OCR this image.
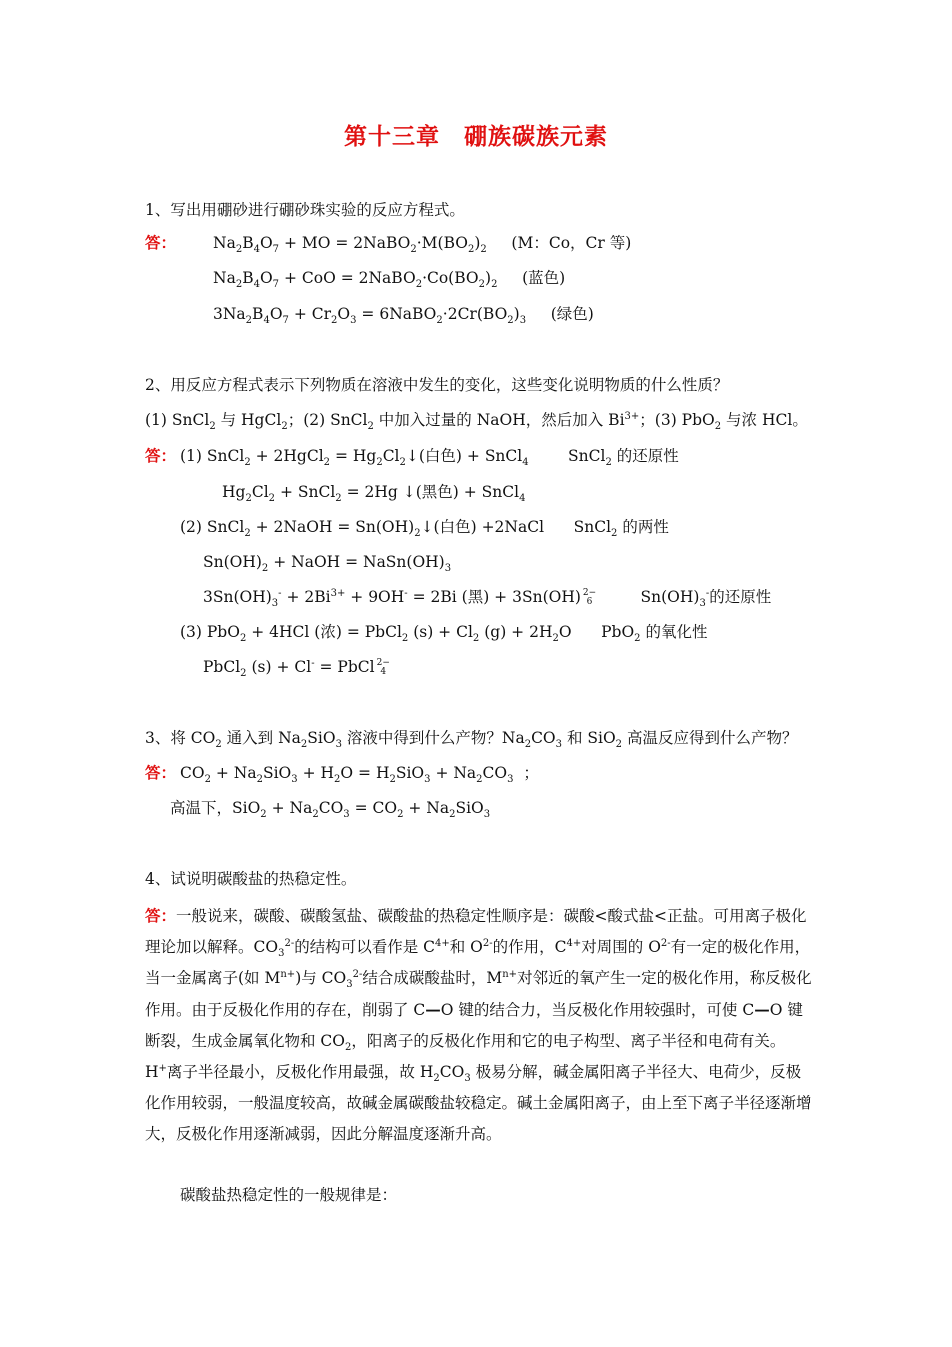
第十三章　硼族碳族元素
1、写出用硼砂进行硼砂珠实验的反应方程式。
答： $Na_2B_4O_7$ + MO = $2NaBO_2\cdot M(BO_2)_2$     (M：Co，Cr 等)
$Na_2B_4O_7$ + CoO = $2NaBO_2\cdot Co(BO_2)_2$     (蓝色)
$3Na_2B_4O_7 + Cr_2O_3$ = $6NaBO_2\cdot 2Cr(BO_2)_3$     (绿色)
2、用反应方程式表示下列物质在溶液中发生的变化，这些变化说明物质的什么性质？
(1) SnCl$_2$ 与 HgCl$_2$；(2) SnCl$_2$ 中加入过量的 NaOH，然后加入 $Bi^{3+}$；(3) PbO$_2$ 与浓 HCl。
答： (1) SnCl$_2$ + 2HgCl$_2$ = $Hg_2Cl_2↓$(白色) + SnCl$_4$        SnCl$_2$ 的还原性
$Hg_2Cl_2$ + SnCl$_2$ = 2Hg ↓(黑色) + SnCl$_4$
(2) SnCl$_2$ + 2NaOH = $Sn(OH)_2↓$(白色) +2NaCl      SnCl$_2$ 的两性
$Sn(OH)_2$ + NaOH = $NaSn(OH)_3$
$3Sn(OH)_3^- + 2Bi^{3+} + 9OH^- = 2Bi$ (黑) + 3Sn(OH) 2−
6 $Sn(OH)_3^-$的还原性
(3) PbO$_2$ + 4HCl (浓) = PbCl$_2$ $(s) + Cl_2$ $(g) + 2H_2O$      PbO$_2$ 的氧化性
PbCl$_2$ (s) + Cl- = PbCl 2−
4
3、将 $CO_2$ 通入到 $Na_2SiO_3$ 溶液中得到什么产物？$Na_2CO_3$ 和 SiO$_2$ 高温反应得到什么产物？
答： $CO_2 + Na_2SiO_3 + H_2O = H_2SiO_3 + Na_2CO_3$  ；
高温下，$SiO_2 + Na_2CO_3 = CO_2 + Na_2SiO_3$
4、试说明碳酸盐的热稳定性。
答：一般说来，碳酸、碳酸氢盐、碳酸盐的热稳定性顺序是：碳酸<酸式盐<正盐。可用离子极化理论加以解释。$CO_3^{2-}$的结构可以看作是 $C^{4+}$和 $O^{2-}$的作用，$C^{4+}$对周围的 $O^{2-}$有一定的极化作用，当一金属离子(如 $M^{n+}$)与 $CO_3^{2-}$结合成碳酸盐时，$M^{n+}$对邻近的氧产生一定的极化作用，称反极化作用。由于反极化作用的存在，削弱了 C—O 键的结合力，当反极化作用较强时，可使 C—O 键断裂，生成金属氧化物和 $CO_2$，阳离子的反极化作用和它的电子构型、离子半径和电荷有关。H+离子半径最小，反极化作用最强，故 $H_2CO_3$ 极易分解，碱金属阳离子半径大、电荷少，反极化作用较弱，一般温度较高，故碱金属碳酸盐较稳定。碱土金属阳离子，由上至下离子半径逐渐增大，反极化作用逐渐减弱，因此分解温度逐渐升高。
碳酸盐热稳定性的一般规律是：
